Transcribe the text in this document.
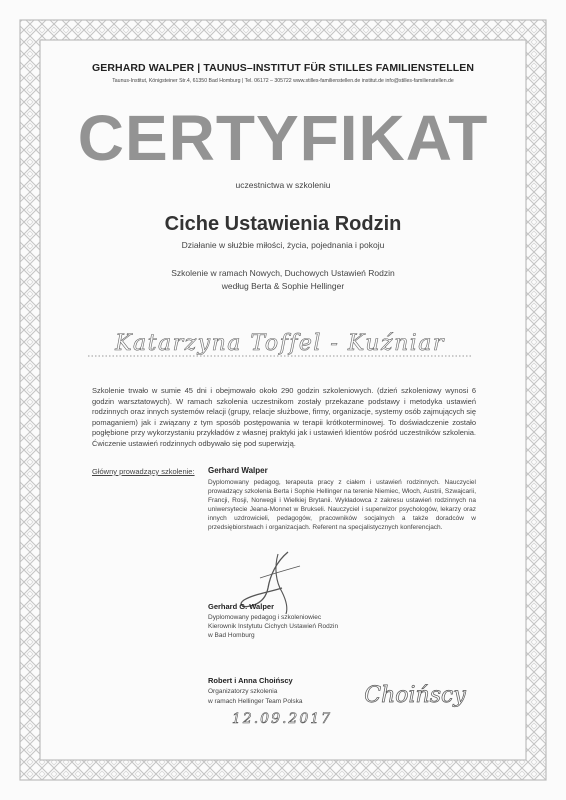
GERHARD WALPER | TAUNUS–INSTITUT FÜR STILLES FAMILIENSTELLEN
Taunus-Institut, Königsteiner Str.4, 61350 Bad Homburg | Tel. 06172 – 305722 www.stilles-familienstellen.de institut.de info@stilles-familienstellen.de
CERTYFIKAT
uczestnictwa w szkoleniu
Ciche Ustawienia Rodzin
Działanie w służbie miłości, życia, pojednania i pokoju
Szkolenie w ramach Nowych, Duchowych Ustawień Rodzin
według Berta & Sophie Hellinger
Katarzyna Toffel - Kuźniar
Szkolenie trwało w sumie 45 dni i obejmowało około 290 godzin szkoleniowych. (dzień szkoleniowy wynosi 6 godzin warsztatowych). W ramach szkolenia uczestnikom zostały przekazane podstawy i metodyka ustawień rodzinnych oraz innych systemów relacji (grupy, relacje służbowe, firmy, organizacje, systemy osób zajmujących się pomaganiem) jak i związany z tym sposób postępowania w terapii krótkoterminowej. To doświadczenie zostało pogłębione przy wykorzystaniu przykładów z własnej praktyki jak i ustawień klientów pośród uczestników szkolenia. Ćwiczenie ustawień rodzinnych odbywało się pod superwizją.
Główny prowadzący szkolenie: Gerhard Walper
Dyplomowany pedagog, terapeuta pracy z ciałem i ustawień rodzinnych. Nauczyciel prowadzący szkolenia Berta i Sophie Hellinger na terenie Niemiec, Włoch, Austrii, Szwajcarii, Francji, Rosji, Norwegii i Wielkiej Brytanii. Wykładowca z zakresu ustawień rodzinnych na uniwersytecie Jeana-Monnet w Brukseli. Nauczyciel i superwizor psychologów, lekarzy oraz innych uzdrowicieli, pedagogów, pracowników socjalnych a także doradców w przedsiębiorstwach i organizacjach. Referent na specjalistycznych konferencjach.
Gerhard G. Walper
Dyplomowany pedagog i szkoleniowiec
Kierownik Instytutu Cichych Ustawień Rodzin
w Bad Homburg
Robert i Anna Choińscy
Organizatorzy szkolenia
w ramach Hellinger Team Polska	Choińscy
12.09.2017
